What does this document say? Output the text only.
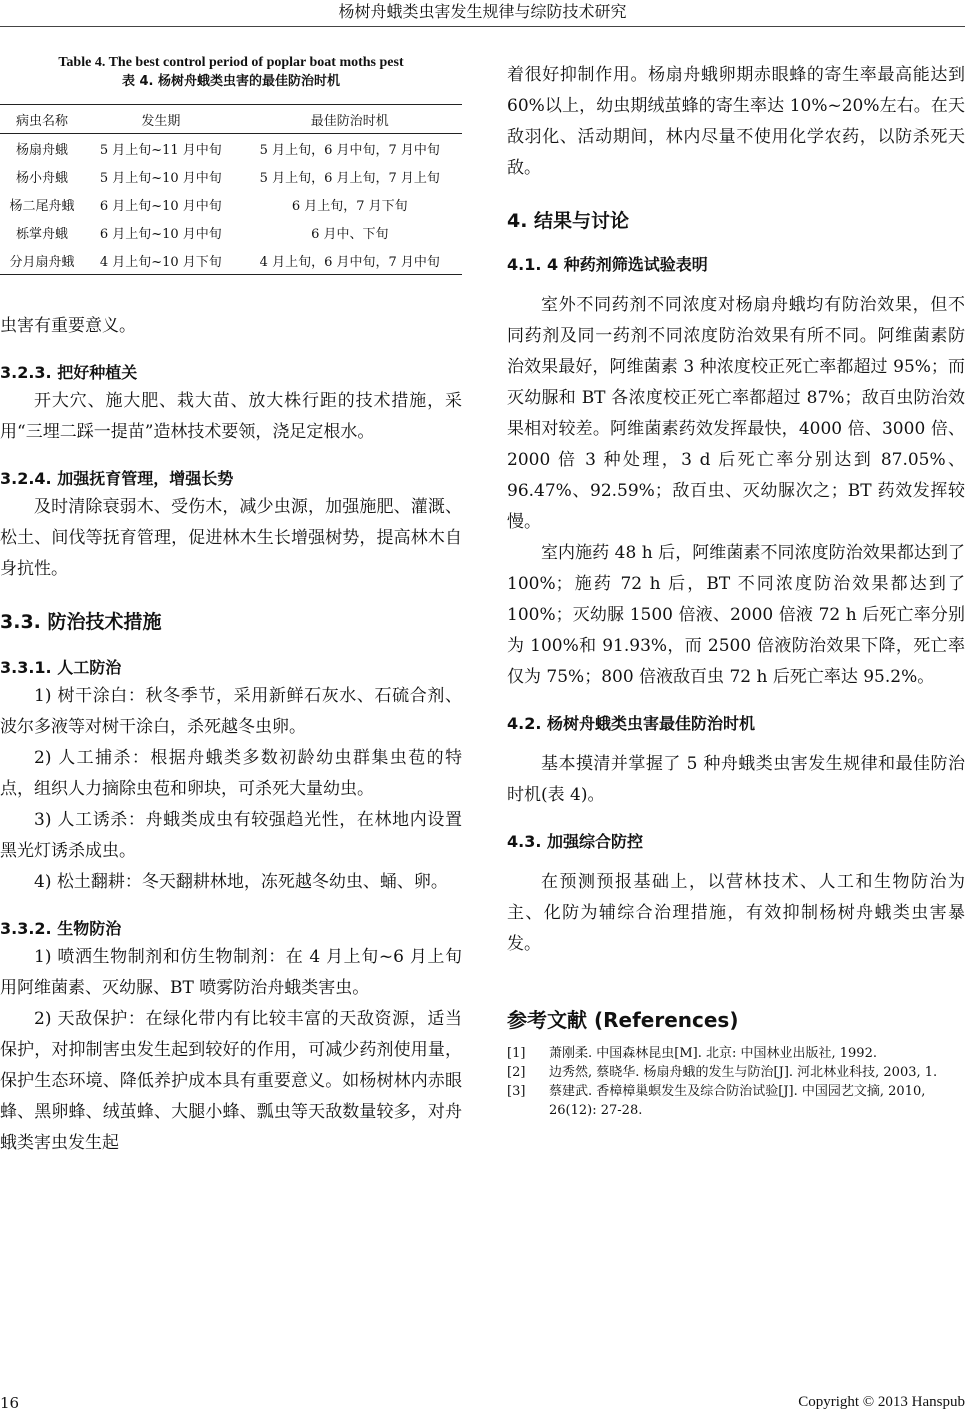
杨树舟蛾类虫害发生规律与综防技术研究
Table 4. The best control period of poplar boat moths pest
表 4. 杨树舟蛾类虫害的最佳防治时机
病虫名称	发生期	最佳防治时机
杨扇舟蛾	5 月上旬~11 月中旬	5 月上旬，6 月中旬，7 月中旬
杨小舟蛾	5 月上旬~10 月中旬	5 月上旬，6 月上旬，7 月上旬
杨二尾舟蛾	6 月上旬~10 月中旬	6 月上旬，7 月下旬
栎掌舟蛾	6 月上旬~10 月中旬	6 月中、下旬
分月扇舟蛾	4 月上旬~10 月下旬	4 月上旬，6 月中旬，7 月中旬

虫害有重要意义。

3.2.3. 把好种植关

开大穴、施大肥、栽大苗、放大株行距的技术措施，采用“三埋二踩一提苗”造林技术要领，浇足定根水。

3.2.4. 加强抚育管理，增强长势

及时清除衰弱木、受伤木，减少虫源，加强施肥、灌溉、松土、间伐等抚育管理，促进林木生长增强树势，提高林木自身抗性。

3.3. 防治技术措施
3.3.1. 人工防治

1) 树干涂白：秋冬季节，采用新鲜石灰水、石硫合剂、波尔多液等对树干涂白，杀死越冬虫卵。

2) 人工捕杀：根据舟蛾类多数初龄幼虫群集虫苞的特点，组织人力摘除虫苞和卵块，可杀死大量幼虫。

3) 人工诱杀：舟蛾类成虫有较强趋光性，在林地内设置黑光灯诱杀成虫。

4) 松土翻耕：冬天翻耕林地，冻死越冬幼虫、蛹、卵。

3.3.2. 生物防治

1) 喷洒生物制剂和仿生物制剂：在 4 月上旬~6 月上旬用阿维菌素、灭幼脲、BT 喷雾防治舟蛾类害虫。

2) 天敌保护：在绿化带内有比较丰富的天敌资源，适当保护，对抑制害虫发生起到较好的作用，可减少药剂使用量，保护生态环境、降低养护成本具有重要意义。如杨树林内赤眼蜂、黑卵蜂、绒茧蜂、大腿小蜂、瓢虫等天敌数量较多，对舟蛾类害虫发生起

着很好抑制作用。杨扇舟蛾卵期赤眼蜂的寄生率最高能达到 60%以上，幼虫期绒茧蜂的寄生率达 10%~20%左右。在天敌羽化、活动期间，林内尽量不使用化学农药，以防杀死天敌。

4. 结果与讨论
4.1. 4 种药剂筛选试验表明

室外不同药剂不同浓度对杨扇舟蛾均有防治效果，但不同药剂及同一药剂不同浓度防治效果有所不同。阿维菌素防治效果最好，阿维菌素 3 种浓度校正死亡率都超过 95%；而灭幼脲和 BT 各浓度校正死亡率都超过 87%；敌百虫防治效果相对较差。阿维菌素药效发挥最快，4000 倍、3000 倍、2000 倍 3 种处理，3 d 后死亡率分别达到 87.05%、96.47%、92.59%；敌百虫、灭幼脲次之；BT 药效发挥较慢。

室内施药 48 h 后，阿维菌素不同浓度防治效果都达到了 100%；施药 72 h 后，BT 不同浓度防治效果都达到了 100%；灭幼脲 1500 倍液、2000 倍液 72 h 后死亡率分别为 100%和 91.93%，而 2500 倍液防治效果下降，死亡率仅为 75%；800 倍液敌百虫 72 h 后死亡率达 95.2%。

4.2. 杨树舟蛾类虫害最佳防治时机

基本摸清并掌握了 5 种舟蛾类虫害发生规律和最佳防治时机(表 4)。

4.3. 加强综合防控

在预测预报基础上，以营林技术、人工和生物防治为主、化防为辅综合治理措施，有效抑制杨树舟蛾类虫害暴发。

参考文献 (References)
[1]	萧刚柔. 中国森林昆虫[M]. 北京: 中国林业出版社, 1992.
[2]	边秀然, 蔡晓华. 杨扇舟蛾的发生与防治[J]. 河北林业科技, 2003, 1.
[3]	蔡建武. 香樟樟巢螟发生及综合防治试验[J]. 中国园艺文摘, 2010, 26(12): 27-28.
16	Copyright © 2013 Hanspub
